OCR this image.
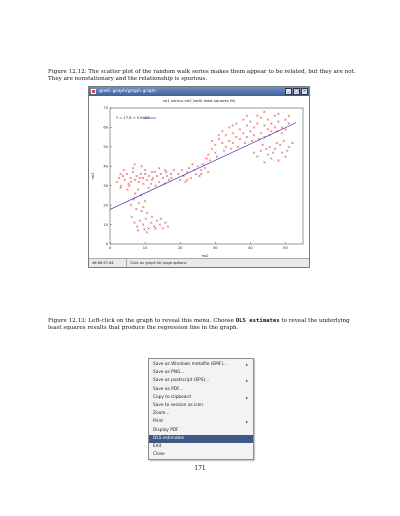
Figure 12.12: The scatter plot of the random walk series makes them appear to be related, but they are not. They are nonstationary and the relationship is spurious.
gretl: graph/graph graph	_	□ ×
rw1 versus rw2 (with least squares fit)
rw2
rw1
0	10	20	30	40	50
0
10
20
30
40
50
60
70
Y = 17.8 + 0.842X
46.66 67.84	Click on graph for page options
Figure 12.13: Left-click on the graph to reveal this menu. Choose OLS estimates to reveal the underlying least squares results that produce the regression line in the graph.
Save as Windows metafile (EMF)...	▸
Save as PNG...
Save as postscript (EPS)...	▸
Save as PDF...
Copy to clipboard	▸
Save to session as icon
Zoom...
Print	▸
Display PDF
OLS estimates
Edit
Close
171
